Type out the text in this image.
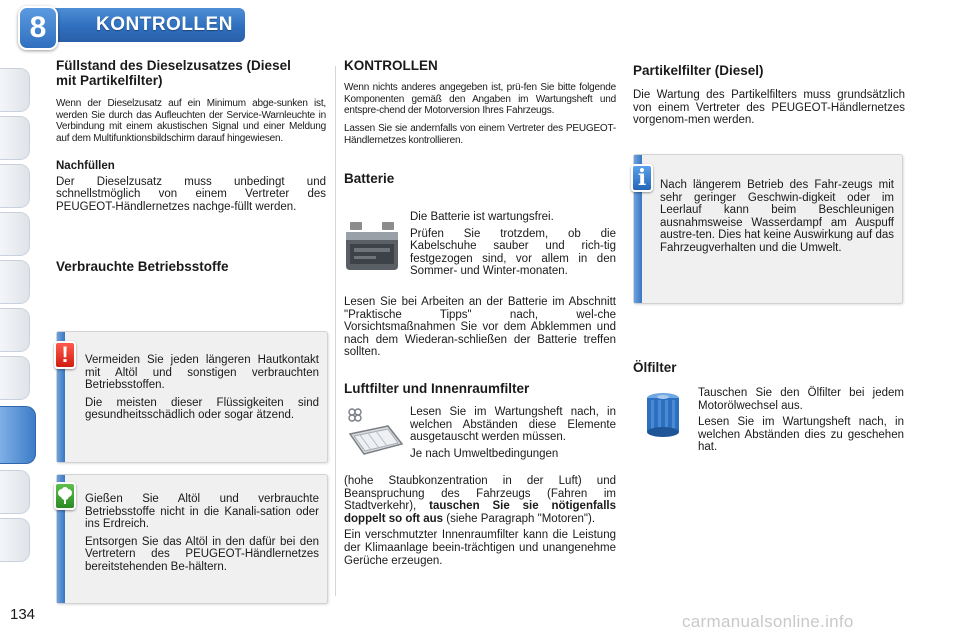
8	KONTROLLEN
Füllstand des Dieselzusatzes (Diesel mit Partikelfilter)

Wenn der Dieselzusatz auf ein Minimum abge-sunken ist, werden Sie durch das Aufleuchten der Service-Warnleuchte in Verbindung mit einem akustischen Signal und einer Meldung auf dem Multifunktionsbildschirm darauf hingewiesen.

Nachfüllen

Der Dieselzusatz muss unbedingt und schnellstmöglich von einem Vertreter des PEUGEOT-Händlernetzes nachge-füllt werden.

Verbrauchte Betriebsstoffe

Vermeiden Sie jeden längeren Hautkontakt mit Altöl und sonstigen verbrauchten Betriebsstoffen.

Die meisten dieser Flüssigkeiten sind gesundheitsschädlich oder sogar ätzend.

!

Gießen Sie Altöl und verbrauchte Betriebsstoffe nicht in die Kanali-sation oder ins Erdreich.

Entsorgen Sie das Altöl in den dafür bei den Vertretern des PEUGEOT-Händlernetzes bereitstehenden Be-hältern.

KONTROLLEN

Wenn nichts anderes angegeben ist, prü-fen Sie bitte folgende Komponenten gemäß den Angaben im Wartungsheft und entspre-chend der Motorversion Ihres Fahrzeugs.

Lassen Sie sie andernfalls von einem Vertreter des PEUGEOT-Händlernetzes kontrollieren.

Batterie

Die Batterie ist wartungsfrei.

Prüfen Sie trotzdem, ob die Kabelschuhe sauber und rich-tig festgezogen sind, vor allem in den Sommer- und Winter-monaten.

Lesen Sie bei Arbeiten an der Batterie im Abschnitt "Praktische Tipps" nach, wel-che Vorsichtsmaßnahmen Sie vor dem Abklemmen und nach dem Wiederan-schließen der Batterie treffen sollten.

Luftfilter und Innenraumfilter

Lesen Sie im Wartungsheft nach, in welchen Abständen diese Elemente ausgetauscht werden müssen.

Je nach Umweltbedingungen

(hohe Staubkonzentration in der Luft) und Beanspruchung des Fahrzeugs (Fahren im Stadtverkehr), tauschen Sie sie nötigenfalls doppelt so oft aus (siehe Paragraph "Motoren").

Ein verschmutzter Innenraumfilter kann die Leistung der Klimaanlage beein-trächtigen und unangenehme Gerüche erzeugen.

Partikelfilter (Diesel)

Die Wartung des Partikelfilters muss grundsätzlich von einem Vertreter des PEUGEOT-Händlernetzes vorgenom-men werden.

Nach längerem Betrieb des Fahr-zeugs mit sehr geringer Geschwin-digkeit oder im Leerlauf kann beim Beschleunigen ausnahmsweise Wasserdampf am Auspuff austre-ten. Dies hat keine Auswirkung auf das Fahrzeugverhalten und die Umwelt.

i
Ölfilter

Tauschen Sie den Ölfilter bei jedem Motorölwechsel aus.

Lesen Sie im Wartungsheft nach, in welchen Abständen dies zu geschehen hat.

134	carmanualsonline.info
